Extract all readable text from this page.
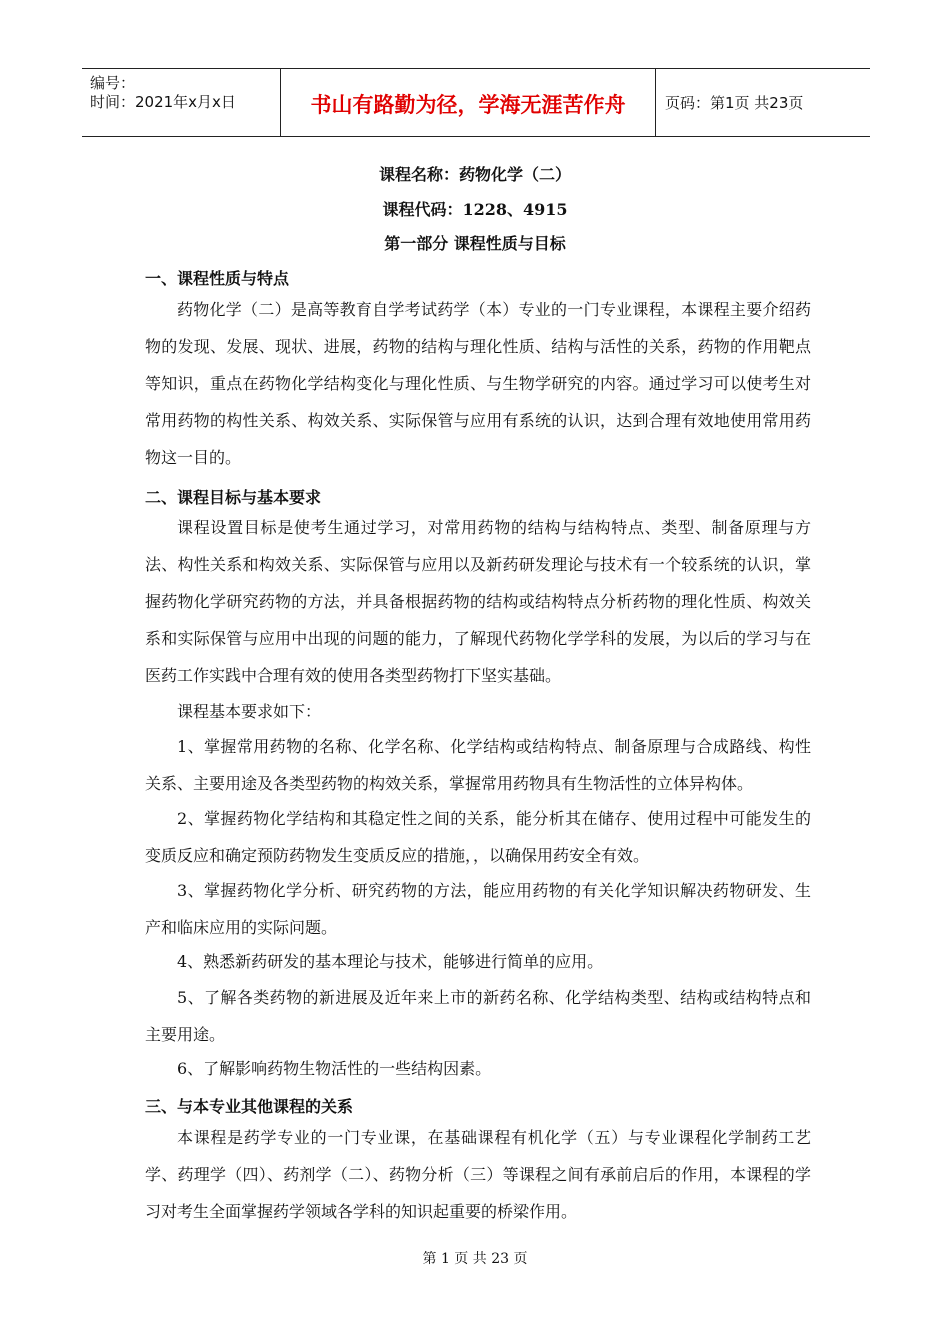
编号：
时间：2021年x月x日	书山有路勤为径，学海无涯苦作舟	页码：第1页 共23页
课程名称：药物化学（二）
课程代码：1228、4915
第一部分 课程性质与目标
一、课程性质与特点

药物化学（二）是高等教育自学考试药学（本）专业的一门专业课程，本课程主要介绍药物的发现、发展、现状、进展，药物的结构与理化性质、结构与活性的关系，药物的作用靶点等知识，重点在药物化学结构变化与理化性质、与生物学研究的内容。通过学习可以使考生对常用药物的构性关系、构效关系、实际保管与应用有系统的认识，达到合理有效地使用常用药物这一目的。

二、课程目标与基本要求

课程设置目标是使考生通过学习，对常用药物的结构与结构特点、类型、制备原理与方法、构性关系和构效关系、实际保管与应用以及新药研发理论与技术有一个较系统的认识，掌握药物化学研究药物的方法，并具备根据药物的结构或结构特点分析药物的理化性质、构效关系和实际保管与应用中出现的问题的能力，了解现代药物化学学科的发展，为以后的学习与在医药工作实践中合理有效的使用各类型药物打下坚实基础。

课程基本要求如下：

1、掌握常用药物的名称、化学名称、化学结构或结构特点、制备原理与合成路线、构性关系、主要用途及各类型药物的构效关系，掌握常用药物具有生物活性的立体异构体。

2、掌握药物化学结构和其稳定性之间的关系，能分析其在储存、使用过程中可能发生的变质反应和确定预防药物发生变质反应的措施，，以确保用药安全有效。

3、掌握药物化学分析、研究药物的方法，能应用药物的有关化学知识解决药物研发、生产和临床应用的实际问题。

4、熟悉新药研发的基本理论与技术，能够进行简单的应用。

5、了解各类药物的新进展及近年来上市的新药名称、化学结构类型、结构或结构特点和主要用途。

6、了解影响药物生物活性的一些结构因素。

三、与本专业其他课程的关系

本课程是药学专业的一门专业课，在基础课程有机化学（五）与专业课程化学制药工艺学、药理学（四）、药剂学（二）、药物分析（三）等课程之间有承前启后的作用，本课程的学习对考生全面掌握药学领域各学科的知识起重要的桥梁作用。

第 1 页 共 23 页
